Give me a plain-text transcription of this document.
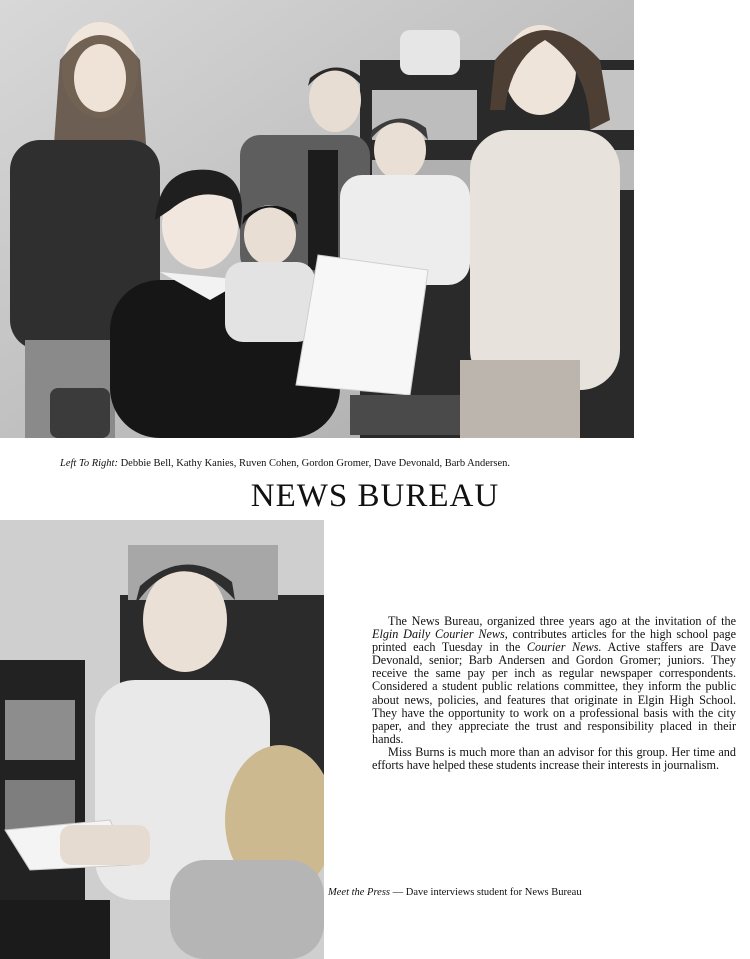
Left To Right: Debbie Bell, Kathy Kanies, Ruven Cohen, Gordon Gromer, Dave Devonald, Barb Andersen.
NEWS BUREAU

The News Bureau, organized three years ago at the invitation of the Elgin Daily Courier News, contributes articles for the high school page printed each Tuesday in the Courier News. Active staffers are Dave Devonald, senior; Barb Andersen and Gordon Gromer; juniors. They receive the same pay per inch as regular newspaper correspondents. Considered a student public relations committee, they inform the public about news, policies, and features that originate in Elgin High School. They have the opportunity to work on a professional basis with the city paper, and they appreciate the trust and responsibility placed in their hands.

Miss Burns is much more than an advisor for this group. Her time and efforts have helped these students increase their interests in journalism.

Meet the Press — Dave interviews student for News Bureau
